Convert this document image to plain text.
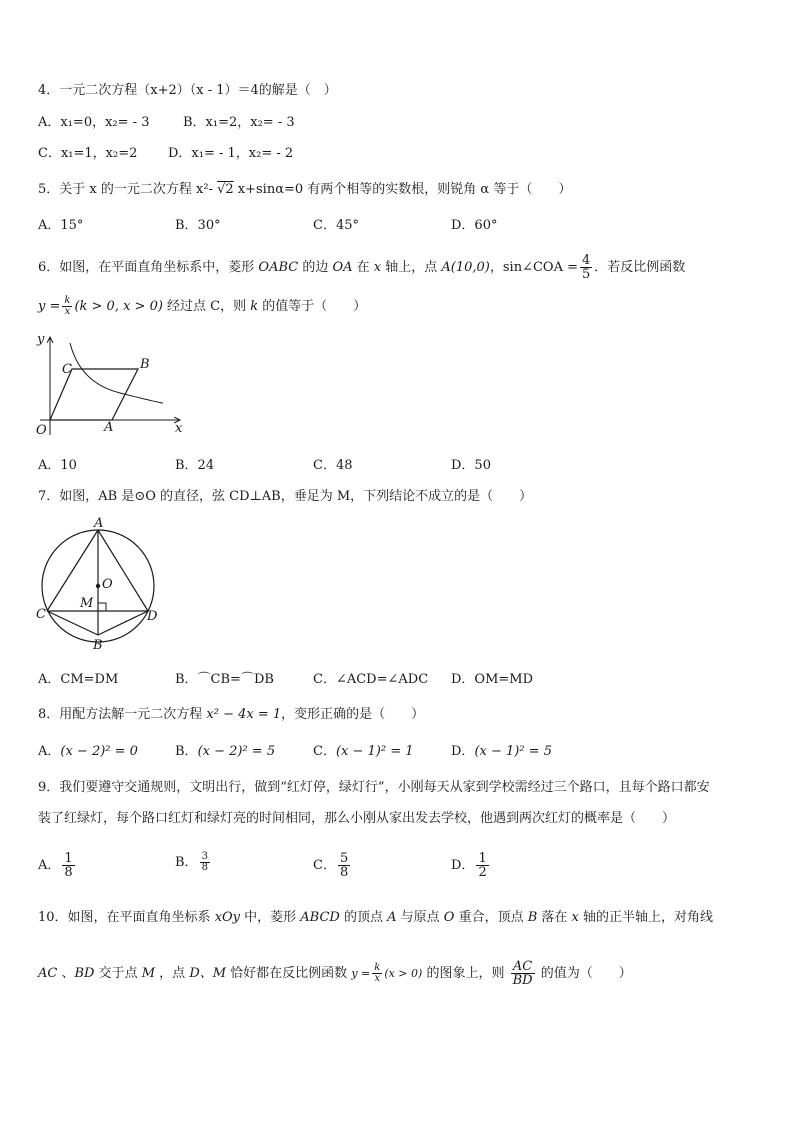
4．一元二次方程（x+2）（x - 1）＝4的解是（　）
A．x₁=0，x₂= - 3	B．x₁=2，x₂= - 3
C．x₁=1，x₂=2 D．x₁= - 1，x₂= - 2
5．关于 x 的一元二次方程 x²- √2 x+sinα=0 有两个相等的实数根，则锐角 α 等于（　　）
A．15°	B．30°	C．45°	D．60°
6．如图，在平面直角坐标系中，菱形 OABC 的边 OA 在 x 轴上，点 A(10,0)，sin∠COA = $\frac{4}{5}$ ．若反比例函数
$y = \frac{k}{x} (k > 0$, x > 0) 经过点 C，则 k 的值等于（　　）
y
x
O	A
B
C
A．10	B．24	C．48	D．50
7．如图，AB 是⊙O 的直径，弦 CD⊥AB，垂足为 M，下列结论不成立的是（　　）
A
B
C	D
O
M
A．CM=DM	B．⌒CB=⌒DB	C．∠ACD=∠ADC D．OM=MD
8．用配方法解一元二次方程 x² − 4x = 1，变形正确的是（　　）
A．(x − 2)² = 0	B．(x − 2)² = 5	C．(x − 1)² = 1	D．(x − 1)² = 5
9．我们要遵守交通规则，文明出行，做到“红灯停，绿灯行”，小刚每天从家到学校需经过三个路口，且每个路口都安
装了红绿灯，每个路口红灯和绿灯亮的时间相同，那么小刚从家出发去学校，他遇到两次红灯的概率是（　　）
A． $\frac{1}{8}$	B． $\frac{3}{8}$	C． $\frac{5}{8}$	D． $\frac{1}{2}$
10．如图，在平面直角坐标系 xOy 中，菱形 ABCD 的顶点 A 与原点 O 重合，顶点 B 落在 x 轴的正半轴上，对角线
AC 、BD 交于点 M ，点 D、M 恰好都在反比例函数 $y = \frac{k}{x} (x > 0)$ 的图象上，则 $\frac{AC}{BD}$ 的值为（　　）
